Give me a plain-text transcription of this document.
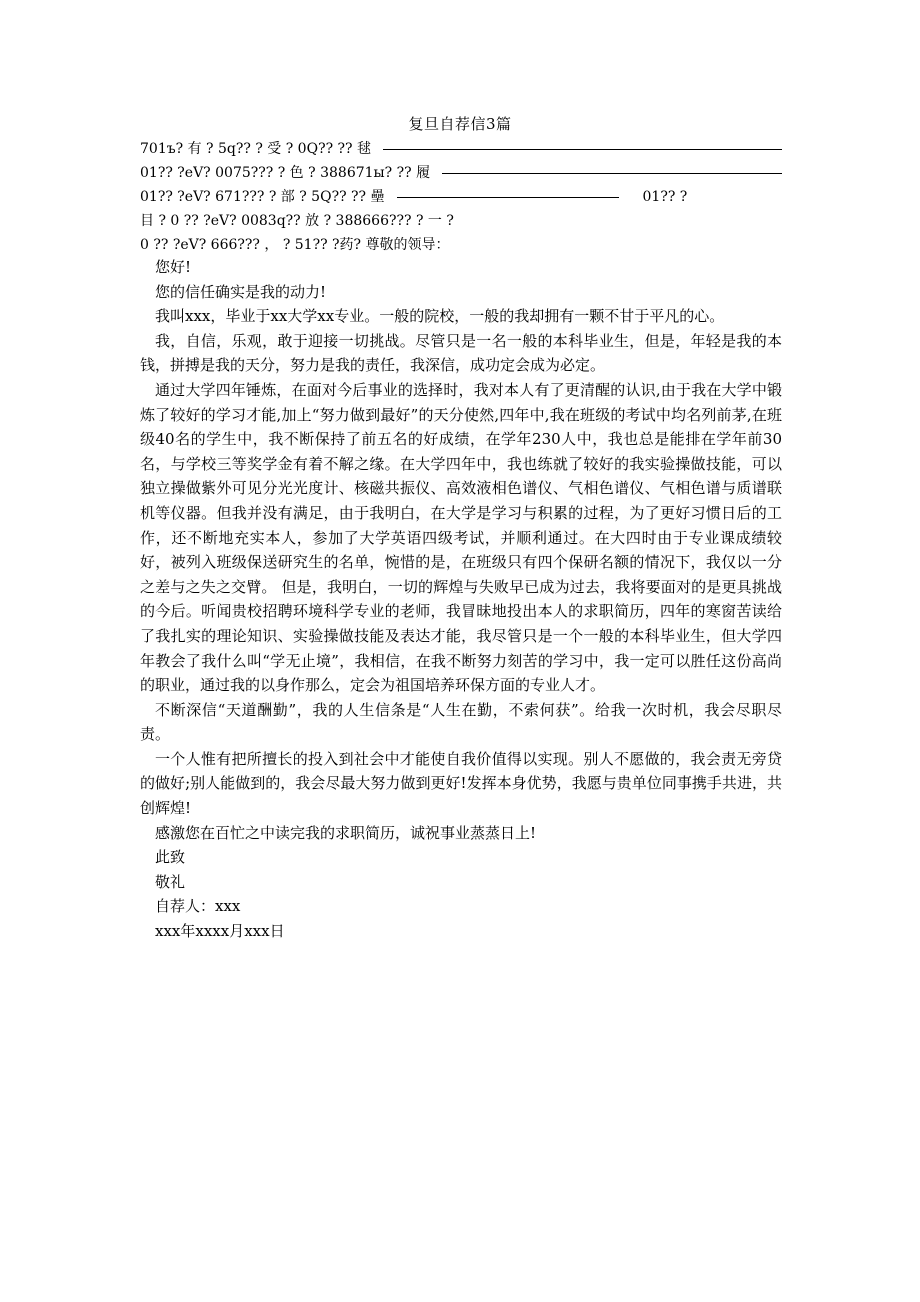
复旦自荐信3篇
701ъ? 有 ? 5q?? ? 受 ? 0Q?? ?? 毬
01?? ?eV? 0075??? ? 色 ? 388671ы? ?? 履
01?? ?eV? 671??? ? 部 ? 5Q?? ?? 壘	01?? ?
目 ? 0 ?? ?eV? 0083q?? 放 ? 388666??? ? 一 ?
0 ?? ?eV? 666??? ， ? 51?? ?药? 尊敬的领导：

您好!

您的信任确实是我的动力!

我叫xxx，毕业于xx大学xx专业。一般的院校，一般的我却拥有一颗不甘于平凡的心。

我，自信，乐观，敢于迎接一切挑战。尽管只是一名一般的本科毕业生，但是，年轻是我的本钱，拼搏是我的天分，努力是我的责任，我深信，成功定会成为必定。

通过大学四年锤炼，在面对今后事业的选择时，我对本人有了更清醒的认识,由于我在大学中锻炼了较好的学习才能,加上“努力做到最好”的天分使然,四年中,我在班级的考试中均名列前茅,在班级40名的学生中，我不断保持了前五名的好成绩，在学年230人中，我也总是能排在学年前30名，与学校三等奖学金有着不解之缘。在大学四年中，我也练就了较好的我实验操做技能，可以独立操做紫外可见分光光度计、核磁共振仪、高效液相色谱仪、气相色谱仪、气相色谱与质谱联机等仪器。但我并没有满足，由于我明白，在大学是学习与积累的过程，为了更好习惯日后的工作，还不断地充实本人，参加了大学英语四级考试，并顺利通过。在大四时由于专业课成绩较好，被列入班级保送研究生的名单，惋惜的是，在班级只有四个保研名额的情况下，我仅以一分之差与之失之交臂。 但是，我明白，一切的辉煌与失败早已成为过去，我将要面对的是更具挑战的今后。听闻贵校招聘环境科学专业的老师，我冒昧地投出本人的求职简历，四年的寒窗苦读给了我扎实的理论知识、实验操做技能及表达才能，我尽管只是一个一般的本科毕业生，但大学四年教会了我什么叫“学无止境”，我相信，在我不断努力刻苦的学习中，我一定可以胜任这份高尚的职业，通过我的以身作那么，定会为祖国培养环保方面的专业人才。

不断深信“天道酬勤”，我的人生信条是“人生在勤，不索何获”。给我一次时机，我会尽职尽责。

一个人惟有把所擅长的投入到社会中才能使自我价值得以实现。别人不愿做的，我会责无旁贷的做好;别人能做到的，我会尽最大努力做到更好!发挥本身优势，我愿与贵单位同事携手共进，共创辉煌!

感激您在百忙之中读完我的求职简历，诚祝事业蒸蒸日上!

此致

敬礼

自荐人：xxx

xxx年xxxx月xxx日
